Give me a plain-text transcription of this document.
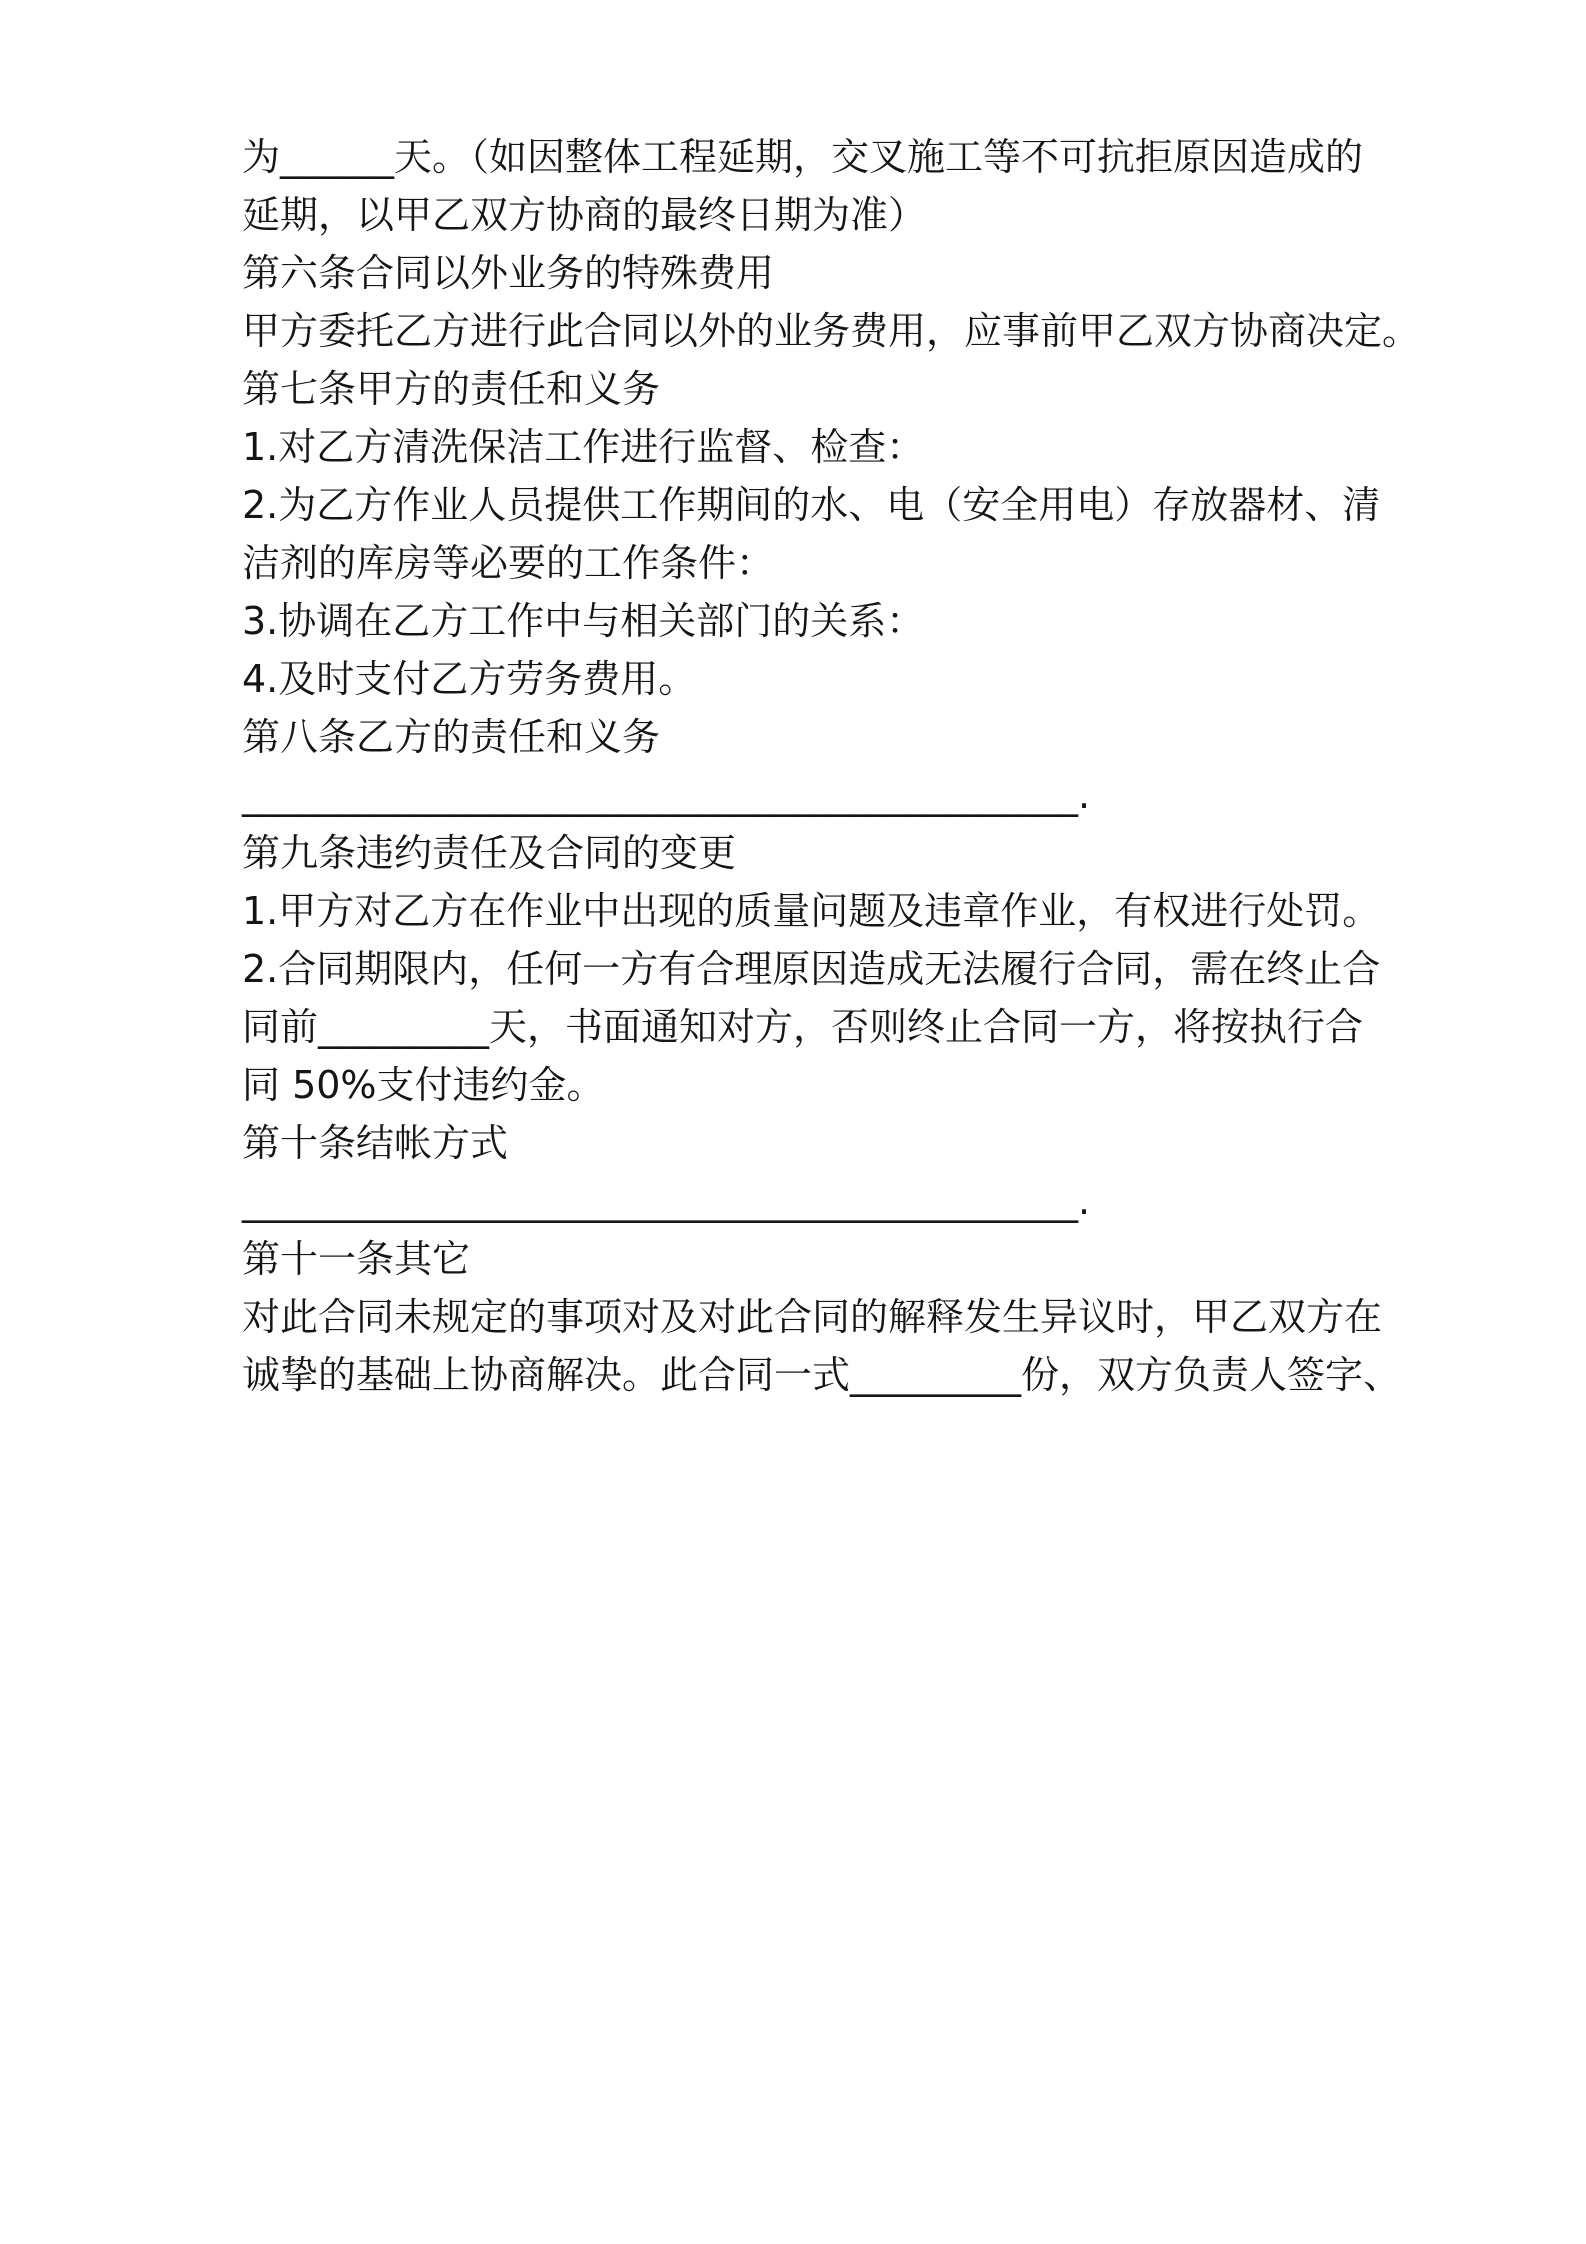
为______天。（如因整体工程延期，交叉施工等不可抗拒原因造成的

延期，以甲乙双方协商的最终日期为准）

第六条合同以外业务的特殊费用

甲方委托乙方进行此合同以外的业务费用，应事前甲乙双方协商决定。

第七条甲方的责任和义务

1.对乙方清洗保洁工作进行监督、检查：

2.为乙方作业人员提供工作期间的水、电（安全用电）存放器材、清

洁剂的库房等必要的工作条件：

3.协调在乙方工作中与相关部门的关系：

4.及时支付乙方劳务费用。

第八条乙方的责任和义务

____________________________________________.

第九条违约责任及合同的变更

1.甲方对乙方在作业中出现的质量问题及违章作业，有权进行处罚。

2.合同期限内，任何一方有合理原因造成无法履行合同，需在终止合

同前_________天，书面通知对方，否则终止合同一方，将按执行合

同 50%支付违约金。

第十条结帐方式

____________________________________________.

第十一条其它

对此合同未规定的事项对及对此合同的解释发生异议时，甲乙双方在

诚挚的基础上协商解决。此合同一式_________份，双方负责人签字、
